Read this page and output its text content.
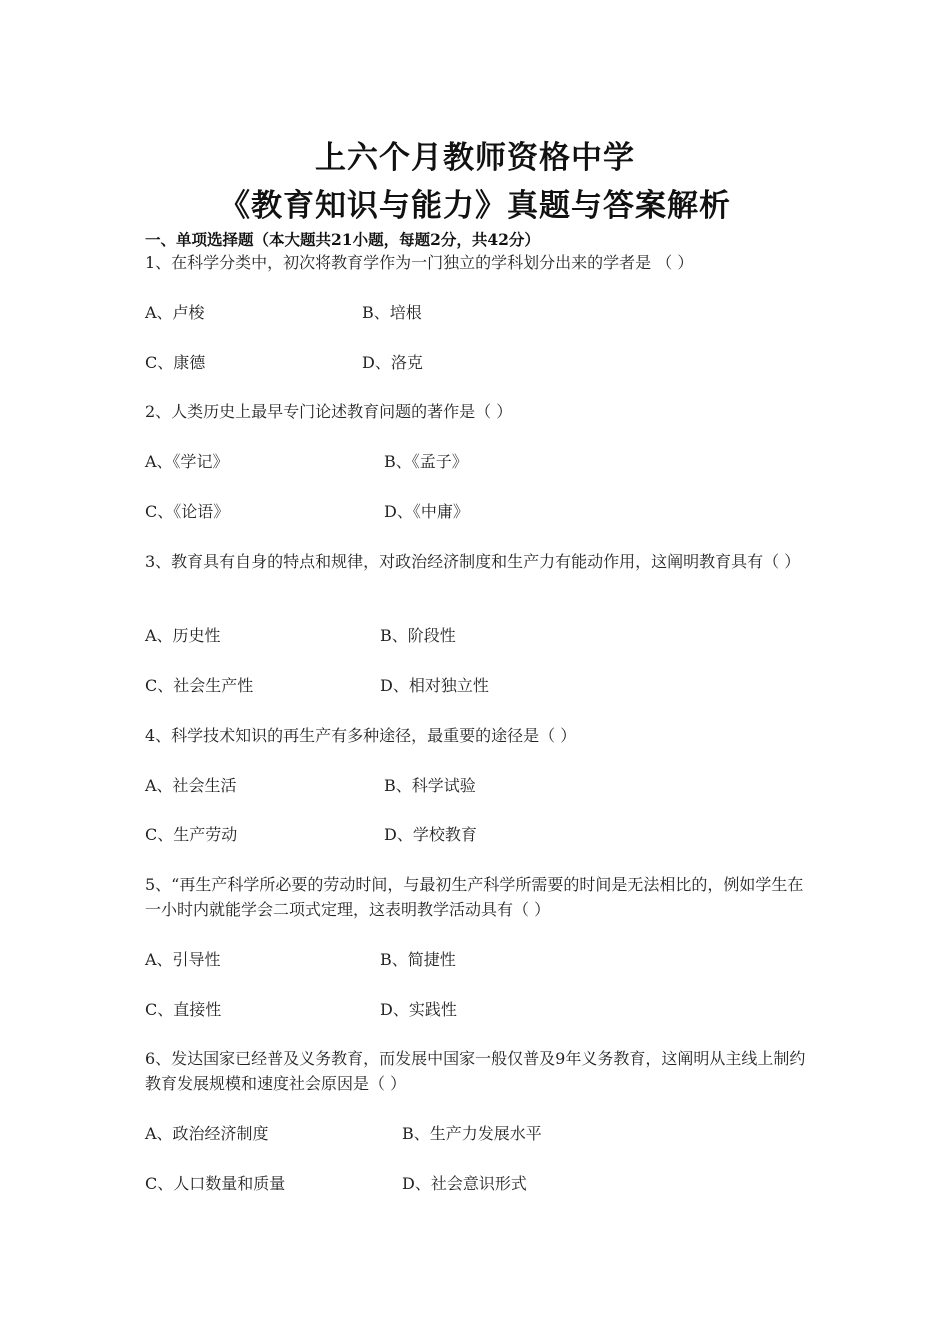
上六个月教师资格中学
《教育知识与能力》真题与答案解析
一、单项选择题（本大题共21小题，每题2分，共42分）
1、在科学分类中，初次将教育学作为一门独立的学科划分出来的学者是 （ ）
A、卢梭	B、培根
C、康德	D、洛克
2、人类历史上最早专门论述教育问题的著作是（ ）
A、《学记》	B、《孟子》
C、《论语》	D、《中庸》
3、教育具有自身的特点和规律，对政治经济制度和生产力有能动作用，这阐明教育具有（ ）
A、历史性	B、阶段性
C、社会生产性	D、相对独立性
4、科学技术知识的再生产有多种途径，最重要的途径是（ ）
A、社会生活	B、科学试验
C、生产劳动	D、学校教育
5、“再生产科学所必要的劳动时间，与最初生产科学所需要的时间是无法相比的，例如学生在一小时内就能学会二项式定理，这表明教学活动具有（ ）
A、引导性	B、简捷性
C、直接性	D、实践性
6、发达国家已经普及义务教育，而发展中国家一般仅普及9年义务教育，这阐明从主线上制约教育发展规模和速度社会原因是（ ）
A、政治经济制度	B、生产力发展水平
C、人口数量和质量	D、社会意识形式
